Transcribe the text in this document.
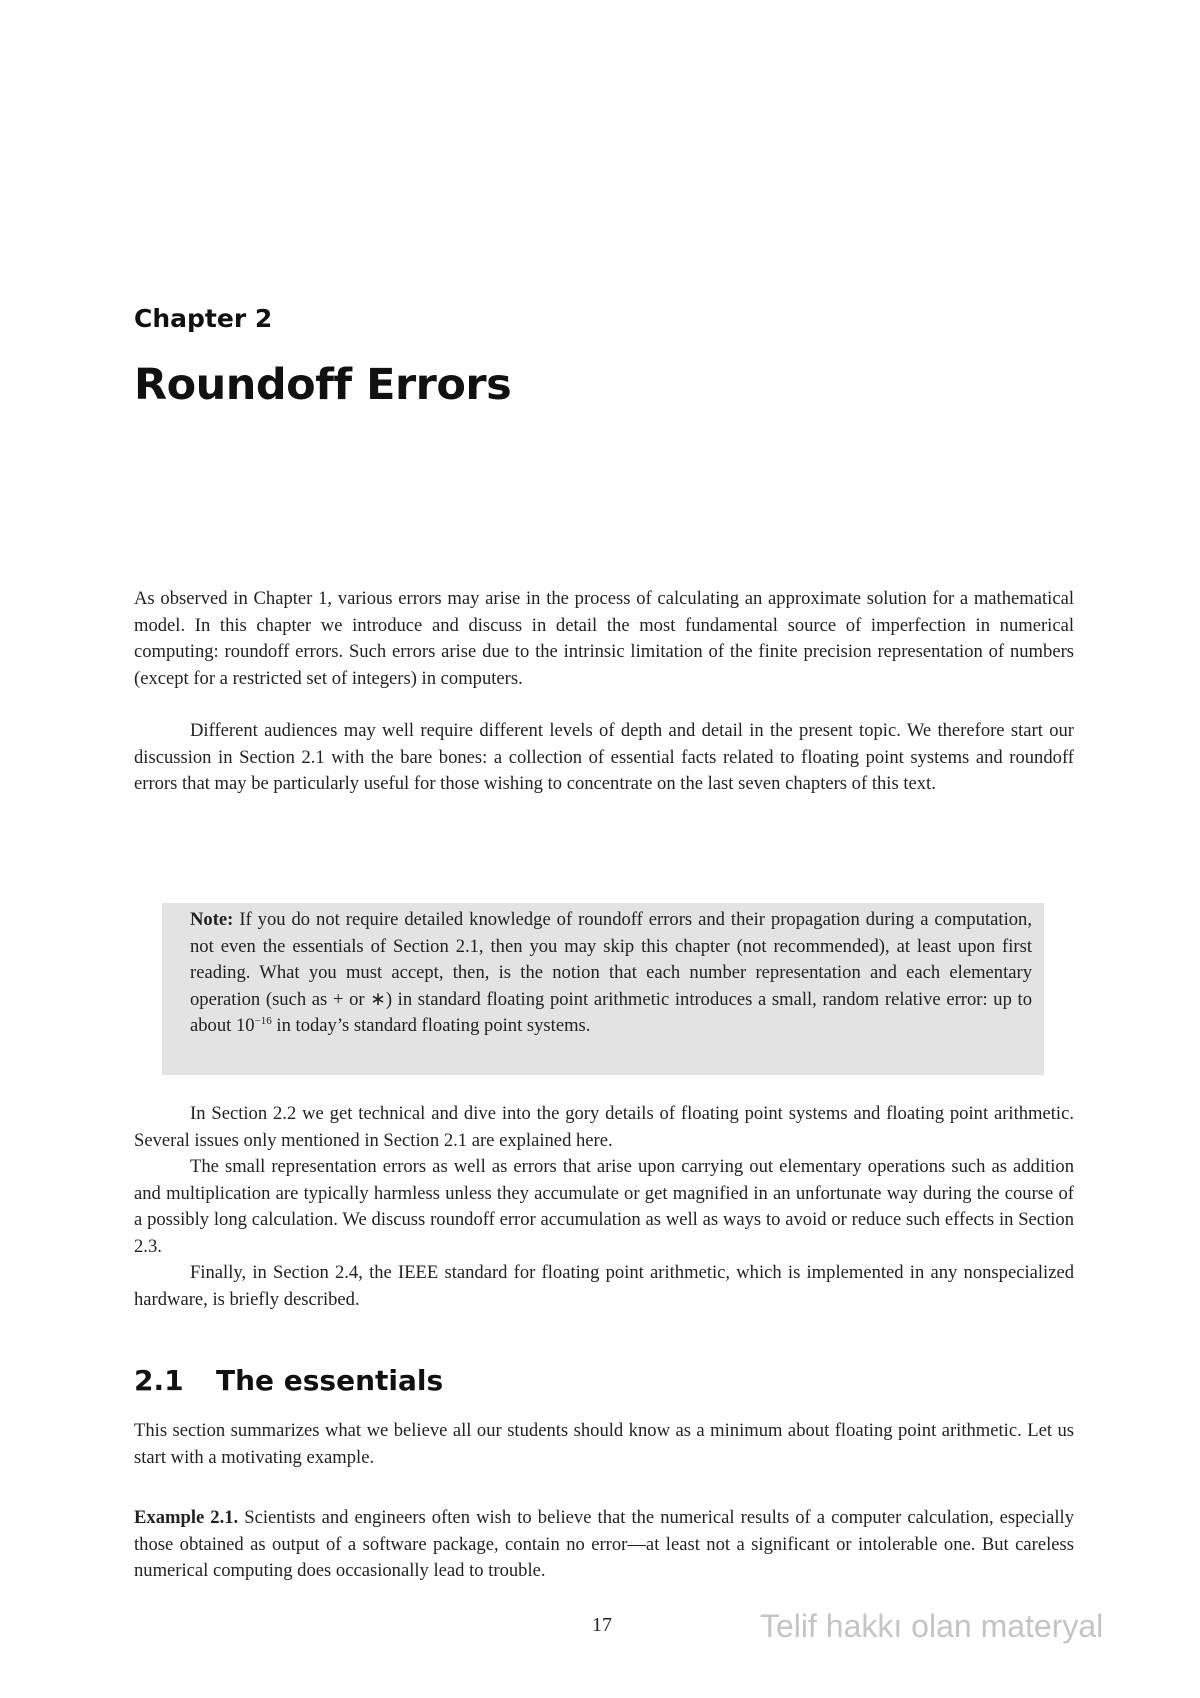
Chapter 2
Roundoff Errors

As observed in Chapter 1, various errors may arise in the process of calculating an approximate solution for a mathematical model. In this chapter we introduce and discuss in detail the most fundamental source of imperfection in numerical computing: roundoff errors. Such errors arise due to the intrinsic limitation of the finite precision representation of numbers (except for a restricted set of integers) in computers.

Different audiences may well require different levels of depth and detail in the present topic. We therefore start our discussion in Section 2.1 with the bare bones: a collection of essential facts related to floating point systems and roundoff errors that may be particularly useful for those wishing to concentrate on the last seven chapters of this text.

Note: If you do not require detailed knowledge of roundoff errors and their propagation during a computation, not even the essentials of Section 2.1, then you may skip this chapter (not recommended), at least upon first reading. What you must accept, then, is the notion that each number representation and each elementary operation (such as + or ∗) in standard floating point arithmetic introduces a small, random relative error: up to about $10^{-16}$ in today’s standard floating point systems.

In Section 2.2 we get technical and dive into the gory details of floating point systems and floating point arithmetic. Several issues only mentioned in Section 2.1 are explained here.

The small representation errors as well as errors that arise upon carrying out elementary operations such as addition and multiplication are typically harmless unless they accumulate or get magnified in an unfortunate way during the course of a possibly long calculation. We discuss roundoff error accumulation as well as ways to avoid or reduce such effects in Section 2.3.

Finally, in Section 2.4, the IEEE standard for floating point arithmetic, which is implemented in any nonspecialized hardware, is briefly described.

2.1 The essentials

This section summarizes what we believe all our students should know as a minimum about floating point arithmetic. Let us start with a motivating example.

Example 2.1. Scientists and engineers often wish to believe that the numerical results of a computer calculation, especially those obtained as output of a software package, contain no error—at least not a significant or intolerable one. But careless numerical computing does occasionally lead to trouble.

17	Telif hakkı olan materyal
